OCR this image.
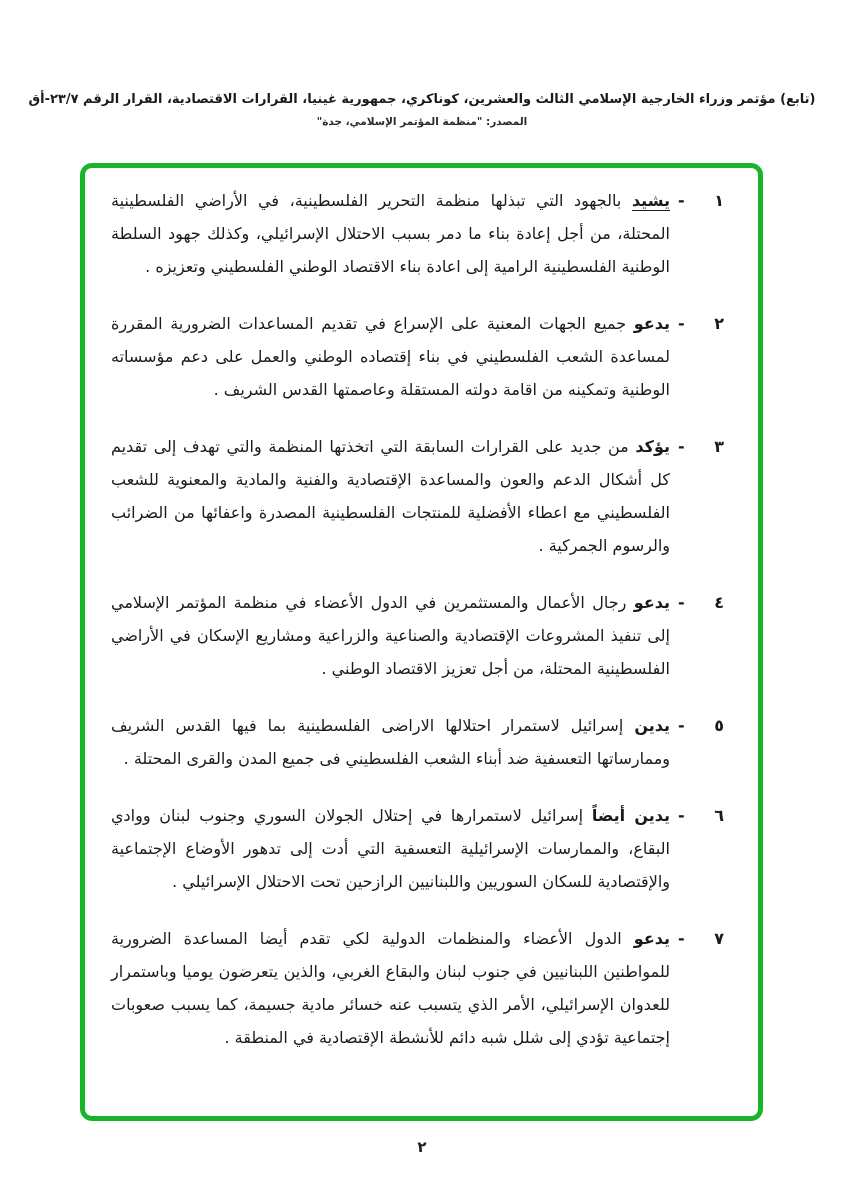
(تابع) مؤتمر وزراء الخارجية الإسلامي الثالث والعشرين، كوناكري، جمهورية غينيا، القرارات الاقتصادية، القرار الرقم ٢٣/٧-أق
المصدر: "منظمة المؤتمر الإسلامي، جدة"
١
-
يشيد بالجهود التي تبذلها منظمة التحرير الفلسطينية، في الأراضي الفلسطينية المحتلة، من أجل إعادة بناء ما دمر بسبب الاحتلال الإسرائيلي، وكذلك جهود السلطة الوطنية الفلسطينية الرامية إلى اعادة بناء الاقتصاد الوطني الفلسطيني وتعزيزه .
٢
-
يدعو جميع الجهات المعنية على الإسراع في تقديم المساعدات الضرورية المقررة لمساعدة الشعب الفلسطيني في بناء إقتصاده الوطني والعمل على دعم مؤسساته الوطنية وتمكينه من اقامة دولته المستقلة وعاصمتها القدس الشريف .
٣
-
يؤكد من جديد على القرارات السابقة التي اتخذتها المنظمة والتي تهدف إلى تقديم كل أشكال الدعم والعون والمساعدة الإقتصادية والفنية والمادية والمعنوية للشعب الفلسطيني مع اعطاء الأفضلية للمنتجات الفلسطينية المصدرة واعفائها من الضرائب والرسوم الجمركية .
٤
-
يدعو رجال الأعمال والمستثمرين في الدول الأعضاء في منظمة المؤتمر الإسلامي إلى تنفيذ المشروعات الإقتصادية والصناعية والزراعية ومشاريع الإسكان في الأراضي الفلسطينية المحتلة، من أجل تعزيز الاقتصاد الوطني .
٥
-
يدين إسرائيل لاستمرار احتلالها الاراضى الفلسطينية بما فيها القدس الشريف وممارساتها التعسفية ضد أبناء الشعب الفلسطيني فى جميع المدن والقرى المحتلة .
٦
-
يدين أيضاً إسرائيل لاستمرارها في إحتلال الجولان السوري وجنوب لبنان ووادي البقاع، والممارسات الإسرائيلية التعسفية التي أدت إلى تدهور الأوضاع الإجتماعية والإقتصادية للسكان السوريين واللبنانيين الرازحين تحت الاحتلال الإسرائيلي .
٧
-
يدعو الدول الأعضاء والمنظمات الدولية لكي تقدم أيضا المساعدة الضرورية للمواطنين اللبنانيين في جنوب لبنان والبقاع الغربي، والذين يتعرضون يوميا وباستمرار للعدوان الإسرائيلي، الأمر الذي يتسبب عنه خسائر مادية جسيمة، كما يسبب صعوبات إجتماعية تؤدي إلى شلل شبه دائم للأنشطة الإقتصادية في المنطقة .
٢
